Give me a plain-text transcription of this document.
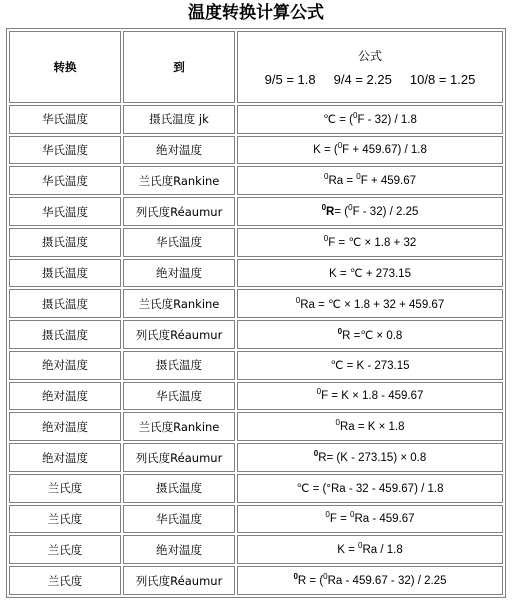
温度转换计算公式
转换	到	公式
9/5 = 1.8     9/4 = 2.25     10/8 = 1.25

华氏温度	摄氏温度 jk	℃ = ($^0$F - 32) / 1.8
华氏温度	绝对温度	K = ($^0$F + 459.67) / 1.8
华氏温度	兰氏度Rankine	$^0$Ra = $^0$F + 459.67
华氏温度	列氏度Réaumur	$^0$R= ($^0$F - 32) / 2.25
摄氏温度	华氏温度	$^0$F = ℃ × 1.8 + 32
摄氏温度	绝对温度	K = ℃ + 273.15
摄氏温度	兰氏度Rankine	$^0$Ra = ℃ × 1.8 + 32 + 459.67
摄氏温度	列氏度Réaumur	$^0$R =℃ × 0.8
绝对温度	摄氏温度	℃ = K - 273.15
绝对温度	华氏温度	$^0$F = K × 1.8 - 459.67
绝对温度	兰氏度Rankine	$^0$Ra = K × 1.8
绝对温度	列氏度Réaumur	$^0$R= (K - 273.15) × 0.8
兰氏度	摄氏温度	℃ = (°Ra - 32 - 459.67) / 1.8
兰氏度	华氏温度	$^0$F = $^0$Ra - 459.67
兰氏度	绝对温度	K = $^0$Ra / 1.8
兰氏度	列氏度Réaumur	$^0$R = ($^0$Ra - 459.67 - 32) / 2.25
